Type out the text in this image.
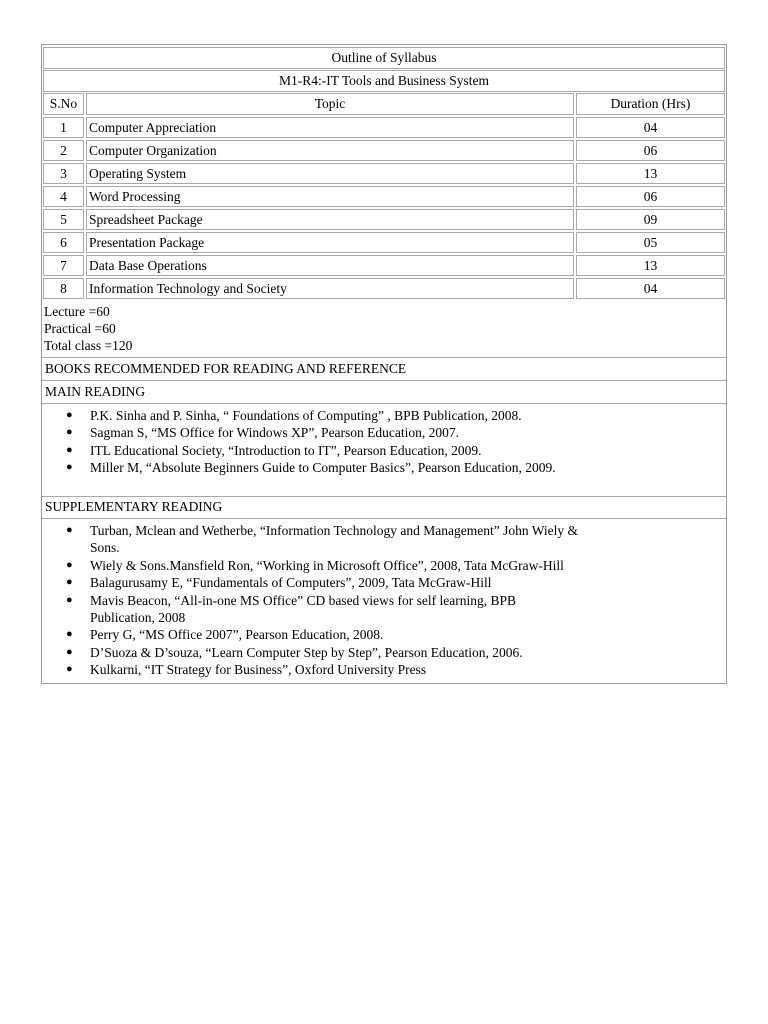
Outline of Syllabus
M1-R4:-IT Tools and Business System
S.No	Topic	Duration (Hrs)
1	Computer Appreciation	04
2	Computer Organization	06
3	Operating System	13
4	Word Processing	06
5	Spreadsheet Package	09
6	Presentation Package	05
7	Data Base Operations	13
8	Information Technology and Society	04
Lecture =60
Practical =60
Total class =120
BOOKS RECOMMENDED FOR READING AND REFERENCE
MAIN READING
● P.K. Sinha and P. Sinha, “ Foundations of Computing” , BPB Publication, 2008.
● Sagman S, “MS Office for Windows XP”, Pearson Education, 2007.
● ITL Educational Society, “Introduction to IT”, Pearson Education, 2009.
● Miller M, “Absolute Beginners Guide to Computer Basics”, Pearson Education, 2009.
SUPPLEMENTARY READING
● Turban, Mclean and Wetherbe, “Information Technology and Management” John Wiely & Sons.
● Wiely & Sons.Mansfield Ron, “Working in Microsoft Office”, 2008, Tata McGraw-Hill
● Balagurusamy E, “Fundamentals of Computers”, 2009, Tata McGraw-Hill
● Mavis Beacon, “All-in-one MS Office” CD based views for self learning, BPB
Publication, 2008
● Perry G, “MS Office 2007”, Pearson Education, 2008.
● D’Suoza & D’souza, “Learn Computer Step by Step”, Pearson Education, 2006.
● Kulkarni, “IT Strategy for Business”, Oxford University Press
